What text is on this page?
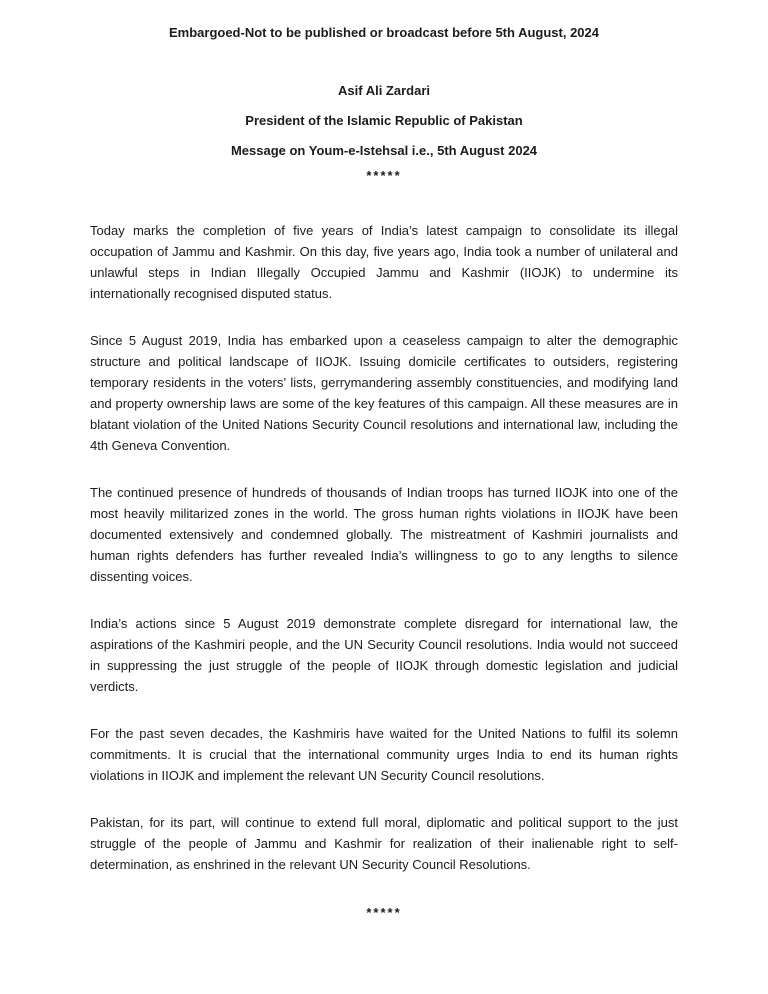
Embargoed-Not to be published or broadcast before 5th August, 2024
Asif Ali Zardari
President of the Islamic Republic of Pakistan
Message on Youm-e-Istehsal i.e., 5th August 2024
*****

Today marks the completion of five years of India’s latest campaign to consolidate its illegal occupation of Jammu and Kashmir. On this day, five years ago, India took a number of unilateral and unlawful steps in Indian Illegally Occupied Jammu and Kashmir (IIOJK) to undermine its internationally recognised disputed status.

Since 5 August 2019, India has embarked upon a ceaseless campaign to alter the demographic structure and political landscape of IIOJK. Issuing domicile certificates to outsiders, registering temporary residents in the voters’ lists, gerrymandering assembly constituencies, and modifying land and property ownership laws are some of the key features of this campaign. All these measures are in blatant violation of the United Nations Security Council resolutions and international law, including the 4th Geneva Convention.

The continued presence of hundreds of thousands of Indian troops has turned IIOJK into one of the most heavily militarized zones in the world. The gross human rights violations in IIOJK have been documented extensively and condemned globally. The mistreatment of Kashmiri journalists and human rights defenders has further revealed India’s willingness to go to any lengths to silence dissenting voices.

India’s actions since 5 August 2019 demonstrate complete disregard for international law, the aspirations of the Kashmiri people, and the UN Security Council resolutions. India would not succeed in suppressing the just struggle of the people of IIOJK through domestic legislation and judicial verdicts.

For the past seven decades, the Kashmiris have waited for the United Nations to fulfil its solemn commitments. It is crucial that the international community urges India to end its human rights violations in IIOJK and implement the relevant UN Security Council resolutions.

Pakistan, for its part, will continue to extend full moral, diplomatic and political support to the just struggle of the people of Jammu and Kashmir for realization of their inalienable right to self-determination, as enshrined in the relevant UN Security Council Resolutions.

*****
